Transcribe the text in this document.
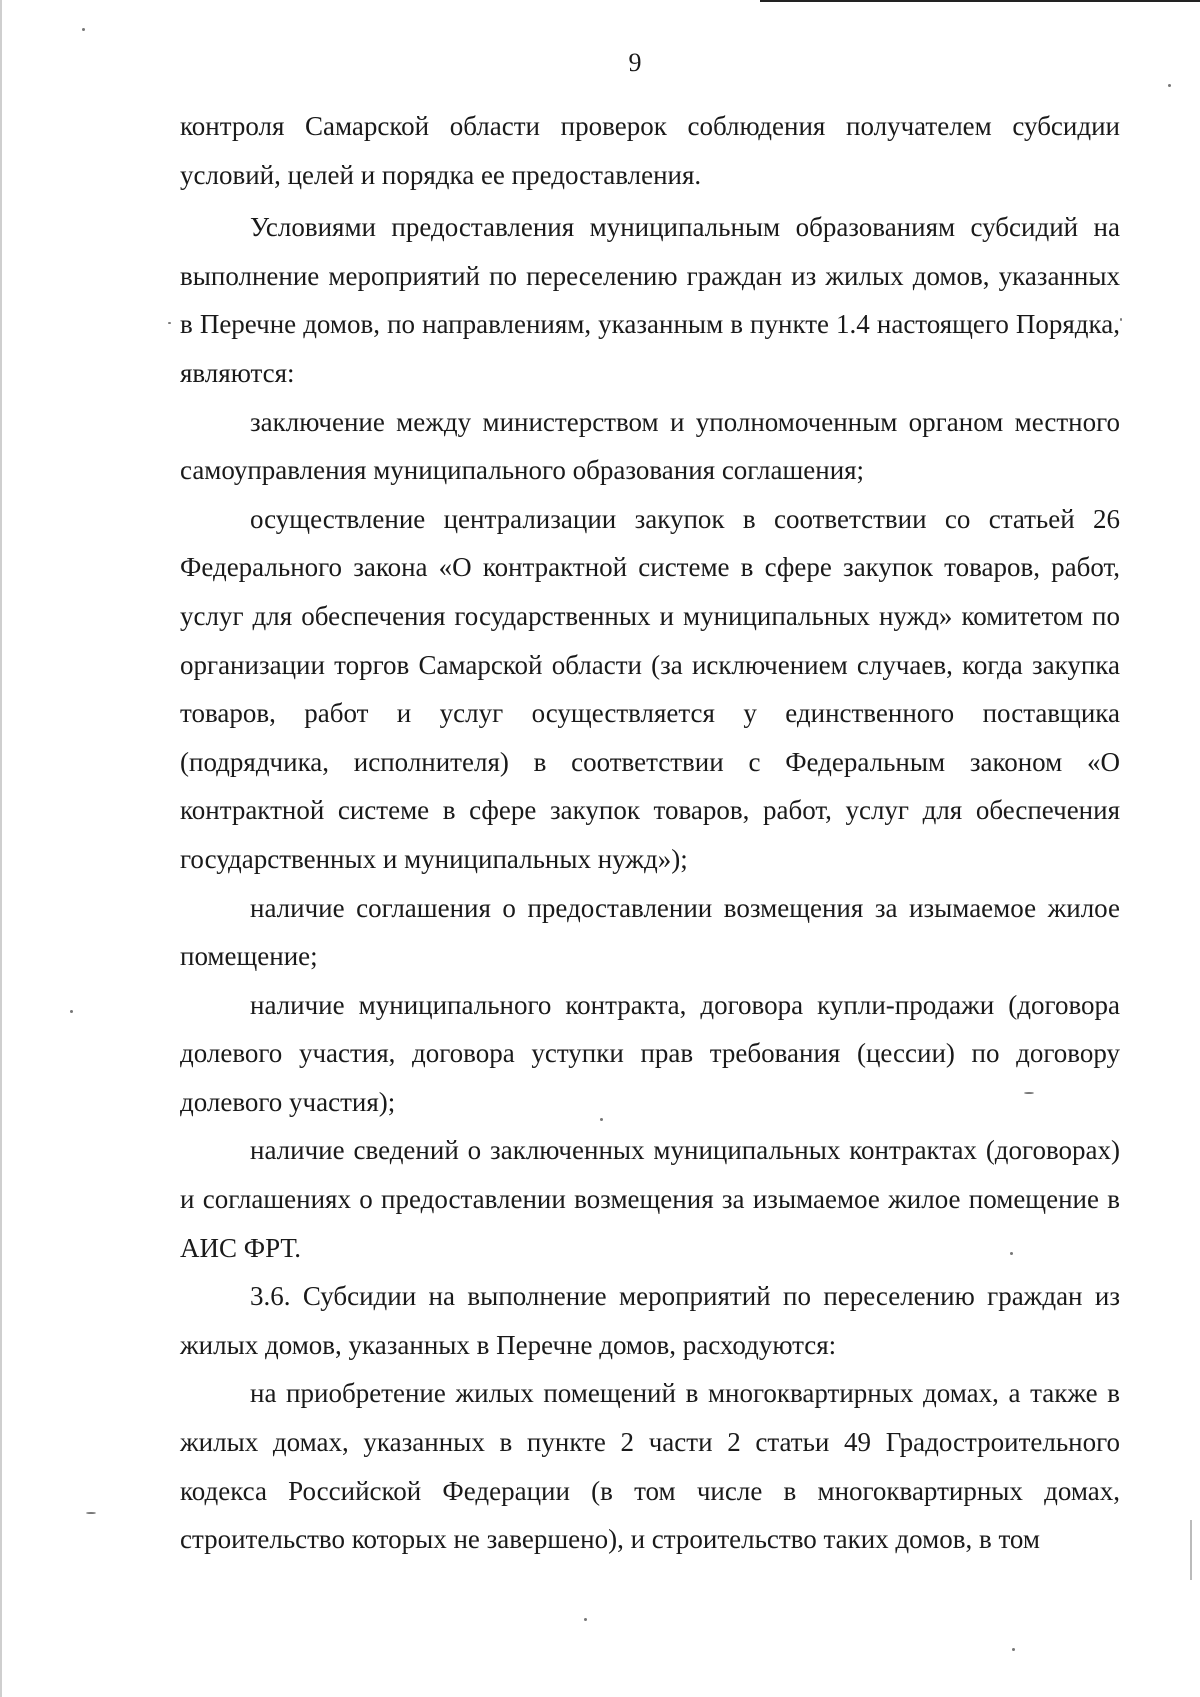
9

контроля Самарской области проверок соблюдения получателем субсидии условий, целей и порядка ее предоставления.

Условиями предоставления муниципальным образованиям субсидий на выполнение мероприятий по переселению граждан из жилых домов, указанных в Перечне домов, по направлениям, указанным в пункте 1.4 настоящего Порядка, являются:

заключение между министерством и уполномоченным органом местного самоуправления муниципального образования соглашения;

осуществление централизации закупок в соответствии со статьей 26 Федерального закона «О контрактной системе в сфере закупок товаров, работ, услуг для обеспечения государственных и муниципальных нужд» комитетом по организации торгов Самарской области (за исключением случаев, когда закупка товаров, работ и услуг осуществляется у единственного поставщика (подрядчика, исполнителя) в соответствии с Федеральным законом «О контрактной системе в сфере закупок товаров, работ, услуг для обеспечения государственных и муниципальных нужд»);

наличие соглашения о предоставлении возмещения за изымаемое жилое помещение;

наличие муниципального контракта, договора купли-продажи (договора долевого участия, договора уступки прав требования (цессии) по договору долевого участия);

наличие сведений о заключенных муниципальных контрактах (договорах) и соглашениях о предоставлении возмещения за изымаемое жилое помещение в АИС ФРТ.

3.6. Субсидии на выполнение мероприятий по переселению граждан из жилых домов, указанных в Перечне домов, расходуются:

на приобретение жилых помещений в многоквартирных домах, а также в жилых домах, указанных в пункте 2 части 2 статьи 49 Градостроительного кодекса Российской Федерации (в том числе в многоквартирных домах, строительство которых не завершено), и строительство таких домов, в том
